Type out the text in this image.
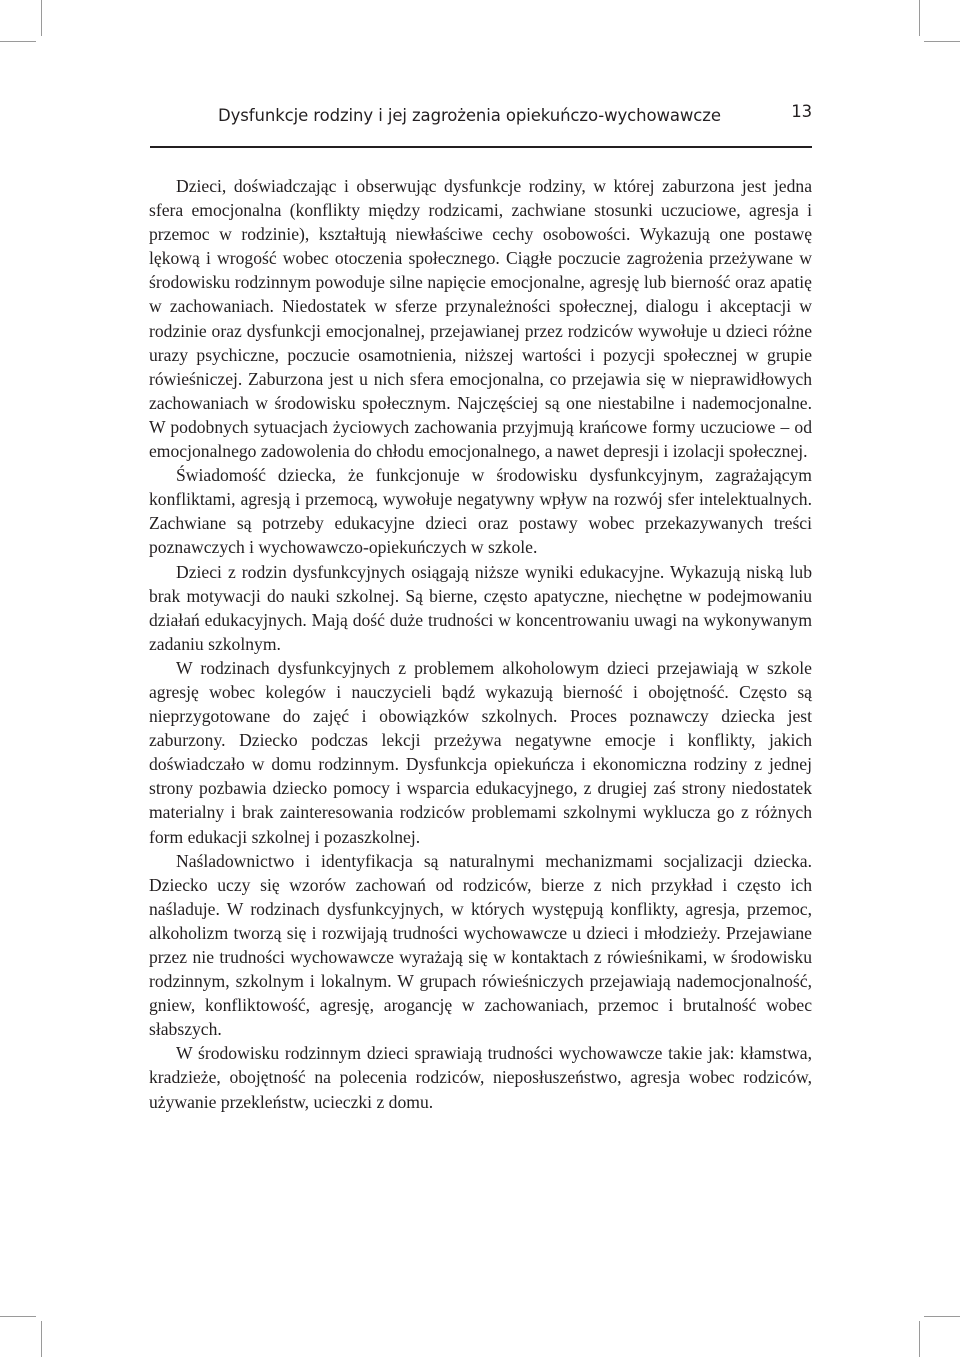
Dysfunkcje rodziny i jej zagrożenia opiekuńczo-wychowawcze	13

Dzieci, doświadczając i obserwując dysfunkcje rodziny, w której zaburzona jest jedna sfera emocjonalna (konflikty między rodzicami, zachwiane stosunki uczuciowe, agresja i przemoc w rodzinie), kształtują niewłaściwe cechy osobowości. Wykazują one postawę lękową i wrogość wobec otoczenia społecznego. Ciągłe poczucie zagrożenia przeżywane w środowisku rodzinnym powoduje silne napięcie emocjonalne, agresję lub bierność oraz apatię w zachowaniach. Niedostatek w sferze przynależności społecznej, dialogu i akceptacji w rodzinie oraz dysfunkcji emocjonalnej, przejawianej przez rodziców wywołuje u dzieci różne urazy psychiczne, poczucie osamotnienia, niższej wartości i pozycji społecznej w grupie rówieśniczej. Zaburzona jest u nich sfera emocjonalna, co przejawia się w nieprawidłowych zachowaniach w środowisku społecznym. Najczęściej są one niestabilne i nademocjonalne. W podobnych sytuacjach życiowych zachowania przyjmują krańcowe formy uczuciowe – od emocjonalnego zadowolenia do chłodu emocjonalnego, a nawet depresji i izolacji społecznej.

Świadomość dziecka, że funkcjonuje w środowisku dysfunkcyjnym, zagrażającym konfliktami, agresją i przemocą, wywołuje negatywny wpływ na rozwój sfer intelektualnych. Zachwiane są potrzeby edukacyjne dzieci oraz postawy wobec przekazywanych treści poznawczych i wychowawczo-opiekuńczych w szkole.

Dzieci z rodzin dysfunkcyjnych osiągają niższe wyniki edukacyjne. Wykazują niską lub brak motywacji do nauki szkolnej. Są bierne, często apatyczne, niechętne w podejmowaniu działań edukacyjnych. Mają dość duże trudności w koncentrowaniu uwagi na wykonywanym zadaniu szkolnym.

W rodzinach dysfunkcyjnych z problemem alkoholowym dzieci przejawiają w szkole agresję wobec kolegów i nauczycieli bądź wykazują bierność i obojętność. Często są nieprzygotowane do zajęć i obowiązków szkolnych. Proces poznawczy dziecka jest zaburzony. Dziecko podczas lekcji przeżywa negatywne emocje i konflikty, jakich doświadczało w domu rodzinnym. Dysfunkcja opiekuńcza i ekonomiczna rodziny z jednej strony pozbawia dziecko pomocy i wsparcia edukacyjnego, z drugiej zaś strony niedostatek materialny i brak zainteresowania rodziców problemami szkolnymi wyklucza go z różnych form edukacji szkolnej i pozaszkolnej.

Naśladownictwo i identyfikacja są naturalnymi mechanizmami socjalizacji dziecka. Dziecko uczy się wzorów zachowań od rodziców, bierze z nich przykład i często ich naśladuje. W rodzinach dysfunkcyjnych, w których występują konflikty, agresja, przemoc, alkoholizm tworzą się i rozwijają trudności wychowawcze u dzieci i młodzieży. Przejawiane przez nie trudności wychowawcze wyrażają się w kontaktach z rówieśnikami, w środowisku rodzinnym, szkolnym i lokalnym. W grupach rówieśniczych przejawiają nademocjonalność, gniew, konfliktowość, agresję, arogancję w zachowaniach, przemoc i brutalność wobec słabszych.

W środowisku rodzinnym dzieci sprawiają trudności wychowawcze takie jak: kłamstwa, kradzieże, obojętność na polecenia rodziców, nieposłuszeństwo, agresja wobec rodziców, używanie przekleństw, ucieczki z domu.
